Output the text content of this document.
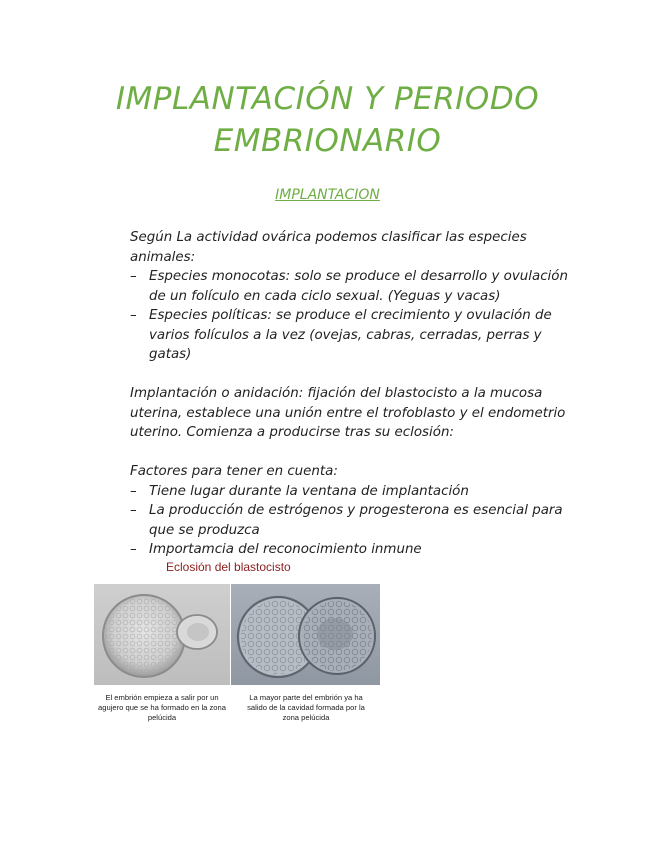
IMPLANTACIÓN Y PERIODO
EMBRIONARIO

IMPLANTACION

Según La actividad ovárica podemos clasificar las especies animales:

– Especies monocotas: solo se produce el desarrollo y ovulación de un folículo en cada ciclo sexual. (Yeguas y vacas)
– Especies políticas: se produce el crecimiento y ovulación de varios folículos a la vez (ovejas, cabras, cerradas, perras y gatas)

Implantación o anidación: fijación del blastocisto a la mucosa uterina, establece una unión entre el trofoblasto y el endometrio uterino. Comienza a producirse tras su eclosión:

Factores para tener en cuenta:

– Tiene lugar durante la ventana de implantación
– La producción de estrógenos y progesterona es esencial para que se produzca
– Importamcia del reconocimiento inmune
Eclosión del blastocisto
El embrión empieza a salir por un agujero que se ha formado en la zona pelúcida
La mayor parte del embrión ya ha salido de la cavidad formada por la zona pelúcida
